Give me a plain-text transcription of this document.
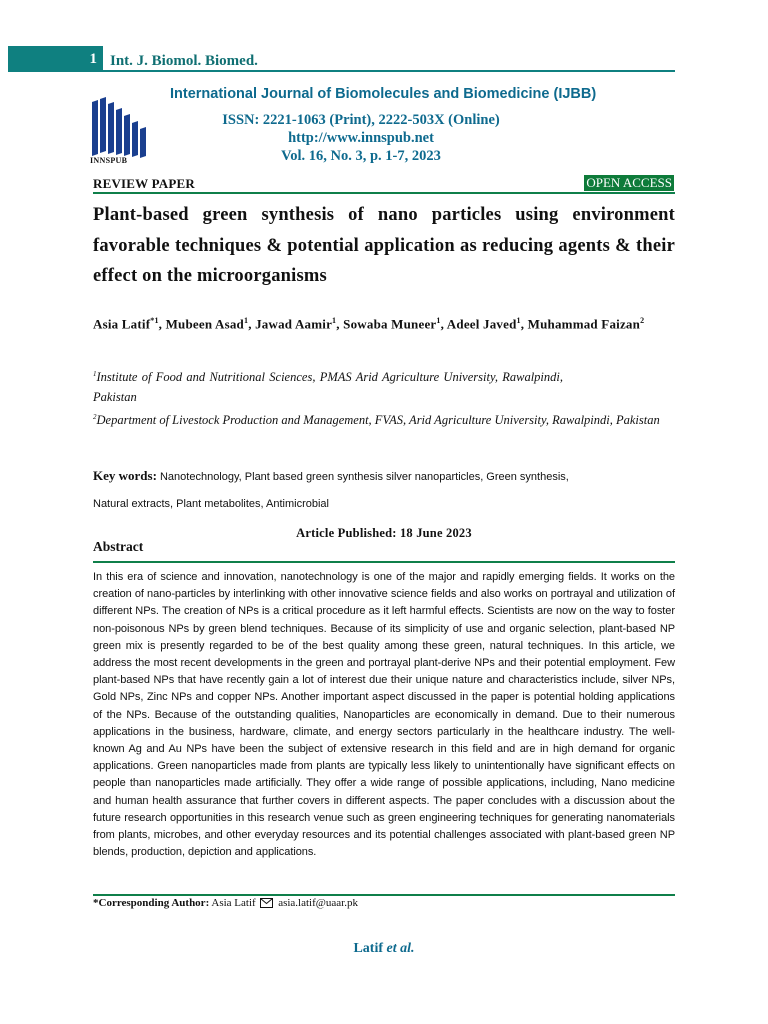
1 Int. J. Biomol. Biomed.
INNSPUB
International Journal of Biomolecules and Biomedicine (IJBB)
ISSN: 2221-1063 (Print), 2222-503X (Online)
http://www.innspub.net
Vol. 16, No. 3, p. 1-7, 2023
REVIEW PAPER	OPEN ACCESS
Plant-based green synthesis of nano particles using environment favorable techniques & potential application as reducing agents & their effect on the microorganisms
Asia Latif$^{*1}$, Mubeen Asad$^1$, Jawad Aamir$^1$, Sowaba Muneer$^1$, Adeel Javed$^1$, Muhammad Faizan$^2$
$^1$Institute of Food and Nutritional Sciences, PMAS Arid Agriculture University, Rawalpindi, Pakistan
$^2$Department of Livestock Production and Management, FVAS, Arid Agriculture University, Rawalpindi, Pakistan
Key words: Nanotechnology, Plant based green synthesis silver nanoparticles, Green synthesis,
Natural extracts, Plant metabolites, Antimicrobial
Article Published: 18 June 2023
Abstract

In this era of science and innovation, nanotechnology is one of the major and rapidly emerging fields. It works on the creation of nano-particles by interlinking with other innovative science fields and also works on portrayal and utilization of different NPs. The creation of NPs is a critical procedure as it left harmful effects. Scientists are now on the way to foster non-poisonous NPs by green blend techniques. Because of its simplicity of use and organic selection, plant-based NP green mix is presently regarded to be of the best quality among these green, natural techniques. In this article, we address the most recent developments in the green and portrayal plant-derive NPs and their potential employment. Few plant-based NPs that have recently gain a lot of interest due their unique nature and characteristics include, silver NPs, Gold NPs, Zinc NPs and copper NPs. Another important aspect discussed in the paper is potential holding applications of the NPs. Because of the outstanding qualities, Nanoparticles are economically in demand. Due to their numerous applications in the business, hardware, climate, and energy sectors particularly in the healthcare industry. The well-known Ag and Au NPs have been the subject of extensive research in this field and are in high demand for organic applications. Green nanoparticles made from plants are typically less likely to unintentionally have significant effects on people than nanoparticles made artificially. They offer a wide range of possible applications, including, Nano medicine and human health assurance that further covers in different aspects. The paper concludes with a discussion about the future research opportunities in this research venue such as green engineering techniques for generating nanomaterials from plants, microbes, and other everyday resources and its potential challenges associated with plant-based green NP blends, production, depiction and applications.

*Corresponding Author: Asia Latif asia.latif@uaar.pk
Latif et al.
